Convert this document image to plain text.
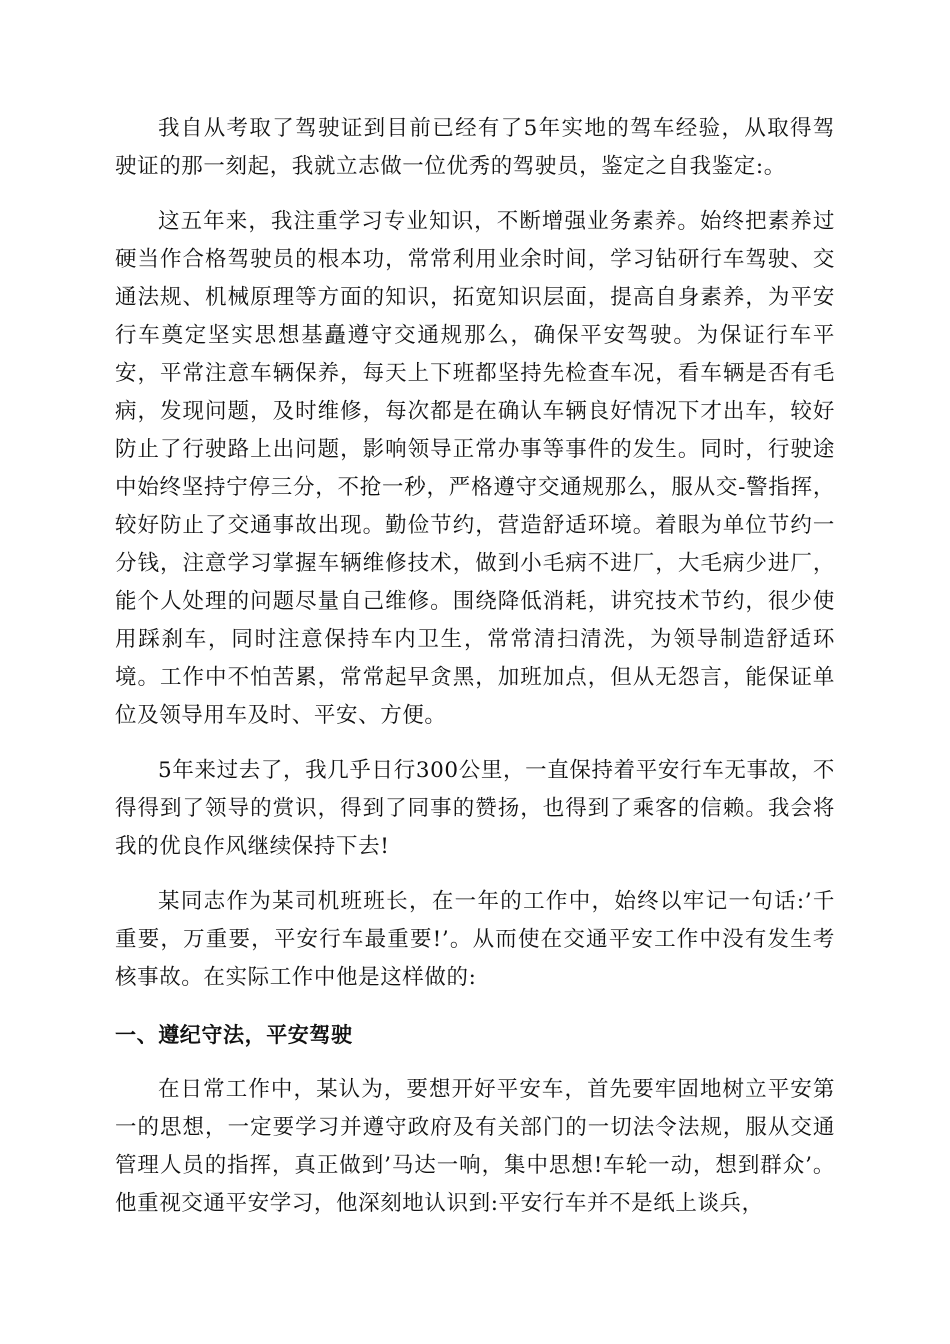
我自从考取了驾驶证到目前已经有了5年实地的驾车经验，从取得驾驶证的那一刻起，我就立志做一位优秀的驾驶员，鉴定之自我鉴定:。

这五年来，我注重学习专业知识，不断增强业务素养。始终把素养过硬当作合格驾驶员的根本功，常常利用业余时间，学习钻研行车驾驶、交通法规、机械原理等方面的知识，拓宽知识层面，提高自身素养，为平安行车奠定坚实思想基矗遵守交通规那么，确保平安驾驶。为保证行车平安，平常注意车辆保养，每天上下班都坚持先检查车况，看车辆是否有毛病，发现问题，及时维修，每次都是在确认车辆良好情况下才出车，较好防止了行驶路上出问题，影响领导正常办事等事件的发生。同时，行驶途中始终坚持宁停三分，不抢一秒，严格遵守交通规那么，服从交-警指挥，较好防止了交通事故出现。勤俭节约，营造舒适环境。着眼为单位节约一分钱，注意学习掌握车辆维修技术，做到小毛病不进厂，大毛病少进厂，能个人处理的问题尽量自己维修。围绕降低消耗，讲究技术节约，很少使用踩刹车，同时注意保持车内卫生，常常清扫清洗，为领导制造舒适环境。工作中不怕苦累，常常起早贪黑，加班加点，但从无怨言，能保证单位及领导用车及时、平安、方便。

5年来过去了，我几乎日行300公里，一直保持着平安行车无事故，不得得到了领导的赏识，得到了同事的赞扬，也得到了乘客的信赖。我会将我的优良作风继续保持下去!

某同志作为某司机班班长，在一年的工作中，始终以牢记一句话:’千重要，万重要，平安行车最重要!’。从而使在交通平安工作中没有发生考核事故。在实际工作中他是这样做的:

一、遵纪守法，平安驾驶

在日常工作中，某认为，要想开好平安车，首先要牢固地树立平安第一的思想，一定要学习并遵守政府及有关部门的一切法令法规，服从交通管理人员的指挥，真正做到’马达一响，集中思想!车轮一动，想到群众’。他重视交通平安学习，他深刻地认识到:平安行车并不是纸上谈兵，
